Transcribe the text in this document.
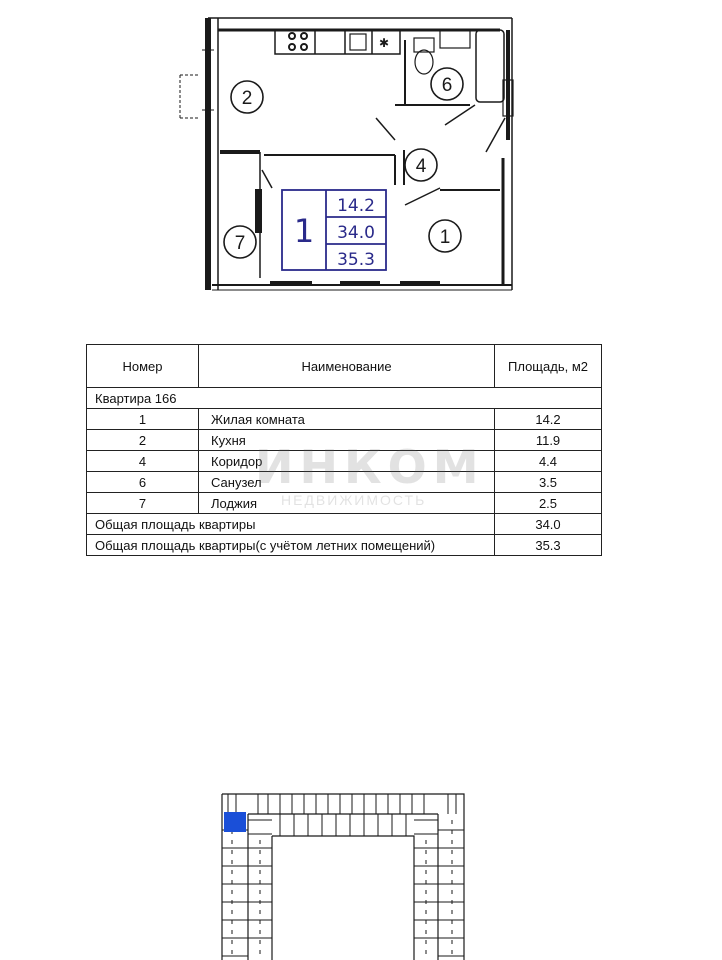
✱
2
6
4
1
7 1
14.2
34.0
35.3
Номер	Наименование	Площадь, м2
Квартира 166		
1	Жилая комната	14.2
2	Кухня	11.9
4	Коридор	4.4
6	Санузел	3.5
7	Лоджия	2.5
Общая площадь квартиры		34.0
Общая площадь квартиры(с учётом летних помещений)		35.3
ИНКОМ
НЕДВИЖИМОСТЬ
